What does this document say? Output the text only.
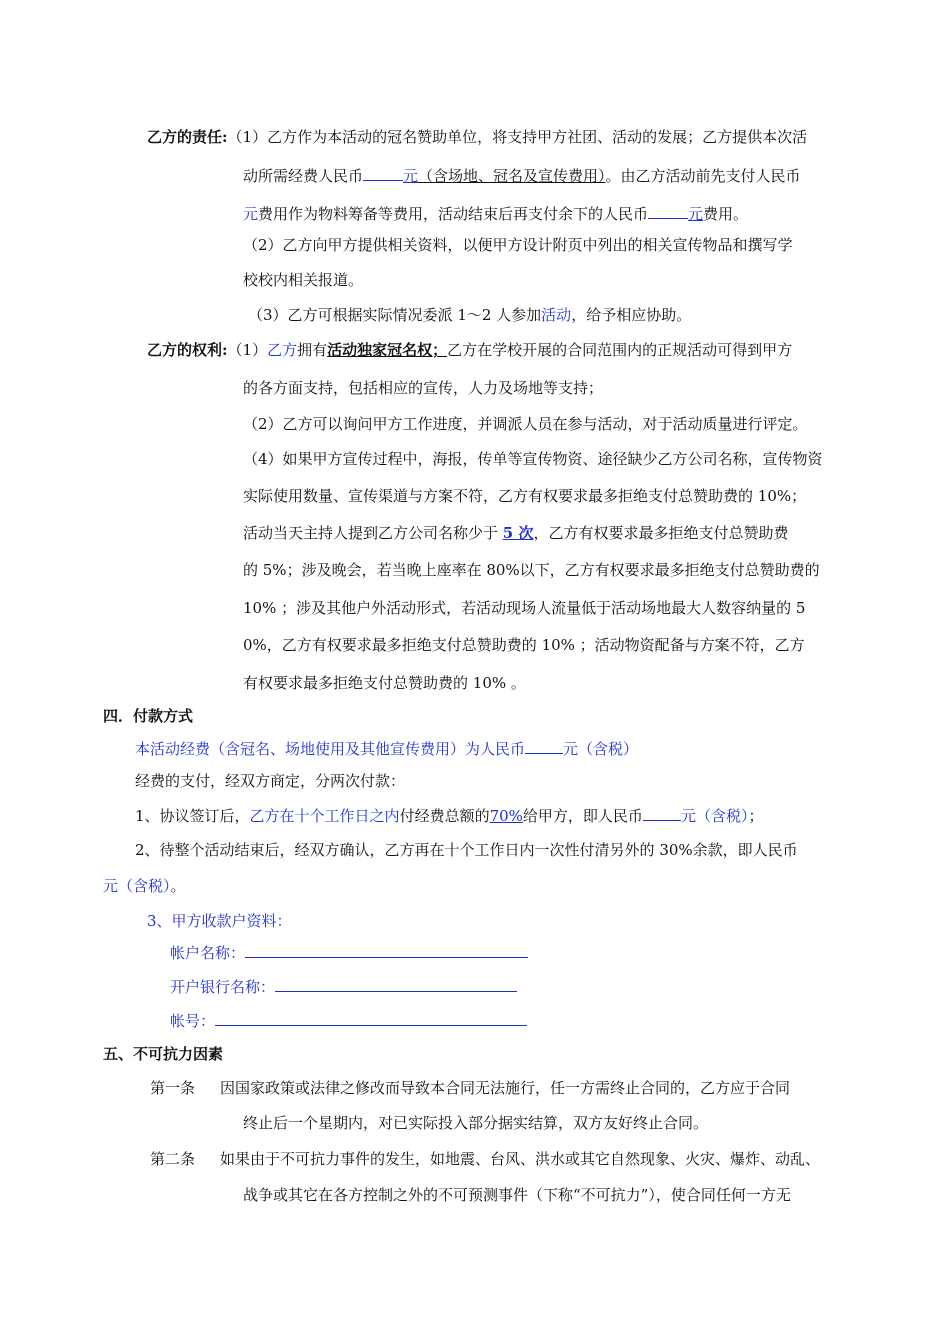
乙方的责任:（1）乙方作为本活动的冠名赞助单位，将支持甲方社团、活动的发展；乙方提供本次活
动所需经费人民币	元（含场地、冠名及宣传费用）。由乙方活动前先支付人民币
元费用作为物料筹备等费用，活动结束后再支付余下的人民币	元费用。
（2）乙方向甲方提供相关资料，以便甲方设计附页中列出的相关宣传物品和撰写学
校校内相关报道。
（3）乙方可根据实际情况委派 1～2 人参加活动，给予相应协助。
乙方的权利:（1）乙方拥有活动独家冠名权；乙方在学校开展的合同范围内的正规活动可得到甲方
的各方面支持，包括相应的宣传，人力及场地等支持；
（2）乙方可以询问甲方工作进度，并调派人员在参与活动，对于活动质量进行评定。
（4）如果甲方宣传过程中，海报，传单等宣传物资、途径缺少乙方公司名称，宣传物资
实际使用数量、宣传渠道与方案不符，乙方有权要求最多拒绝支付总赞助费的 10%；
活动当天主持人提到乙方公司名称少于 5 次，乙方有权要求最多拒绝支付总赞助费
的 5%；涉及晚会，若当晚上座率在 80%以下，乙方有权要求最多拒绝支付总赞助费的
10% ；涉及其他户外活动形式，若活动现场人流量低于活动场地最大人数容纳量的 5
0%，乙方有权要求最多拒绝支付总赞助费的 10% ；活动物资配备与方案不符，乙方
有权要求最多拒绝支付总赞助费的 10% 。
四．付款方式
本活动经费（含冠名、场地使用及其他宣传费用）为人民币	元（含税）
经费的支付，经双方商定，分两次付款：
1、协议签订后，乙方在十个工作日之内付经费总额的70%给甲方，即人民币	元（含税）；
2、待整个活动结束后，经双方确认，乙方再在十个工作日内一次性付清另外的 30%余款，即人民币
元（含税）。
3、甲方收款户资料：
帐户名称：
开户银行名称：
帐号：
五、不可抗力因素
第一条 因国家政策或法律之修改而导致本合同无法施行，任一方需终止合同的，乙方应于合同
终止后一个星期内，对已实际投入部分据实结算，双方友好终止合同。
第二条 如果由于不可抗力事件的发生，如地震、台风、洪水或其它自然现象、火灾、爆炸、动乱、
战争或其它在各方控制之外的不可预测事件（下称“不可抗力”），使合同任何一方无
